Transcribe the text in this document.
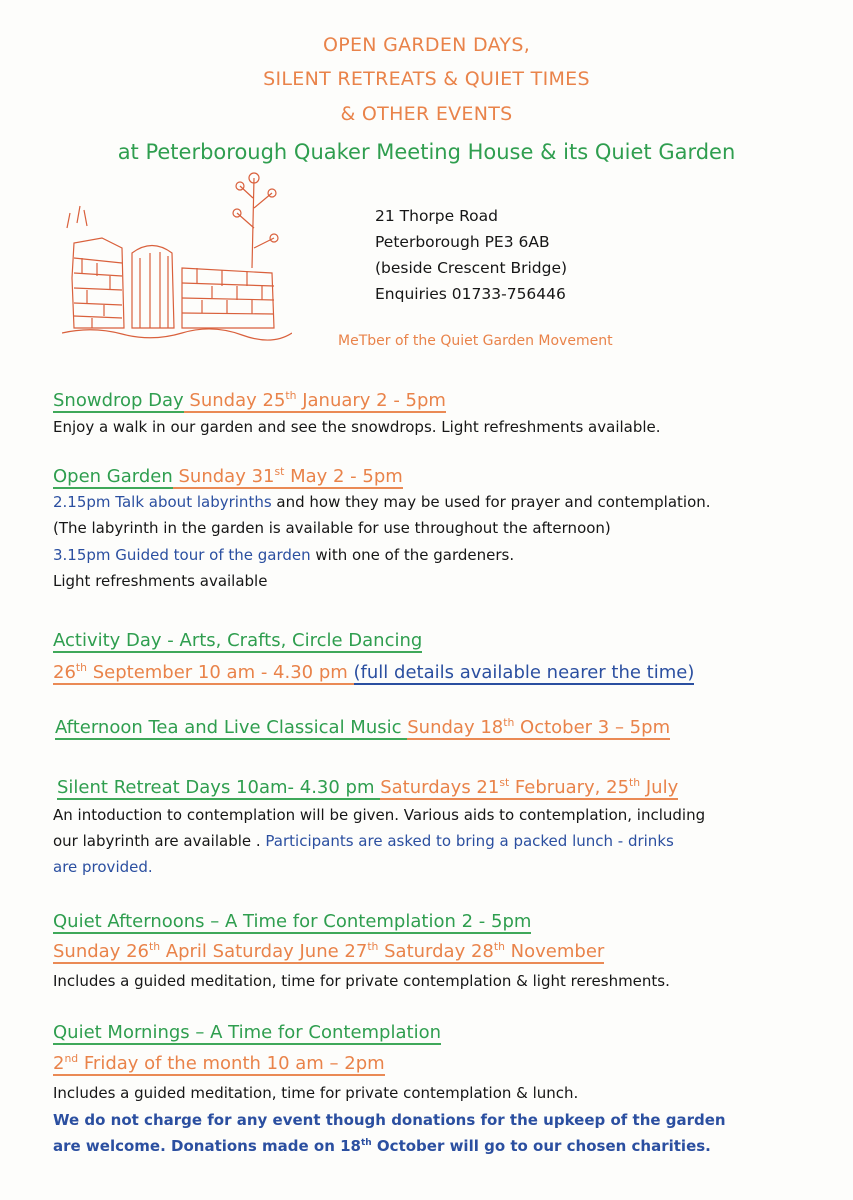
OPEN GARDEN DAYS,
SILENT RETREATS & QUIET TIMES
& OTHER EVENTS
at Peterborough Quaker Meeting House & its Quiet Garden
21 Thorpe Road
Peterborough PE3 6AB
(beside Crescent Bridge)
Enquiries 01733-756446
MeTber of the Quiet Garden Movement
Snowdrop Day Sunday 25th January 2 - 5pm
Enjoy a walk in our garden and see the snowdrops. Light refreshments available.
Open Garden Sunday 31st May 2 - 5pm
2.15pm Talk about labyrinths and how they may be used for prayer and contemplation.
(The labyrinth in the garden is available for use throughout the afternoon)
3.15pm Guided tour of the garden with one of the gardeners.
Light refreshments available
Activity Day - Arts, Crafts, Circle Dancing
26th September 10 am - 4.30 pm (full details available nearer the time)
Afternoon Tea and Live Classical Music Sunday 18th October 3 – 5pm
Silent Retreat Days 10am- 4.30 pm Saturdays 21st February, 25th July
An intoduction to contemplation will be given. Various aids to contemplation, including
our labyrinth are available . Participants are asked to bring a packed lunch - drinks
are provided.
Quiet Afternoons – A Time for Contemplation 2 - 5pm
Sunday 26th April Saturday June 27th Saturday 28th November
Includes a guided meditation, time for private contemplation & light rereshments.
Quiet Mornings – A Time for Contemplation
2nd Friday of the month 10 am – 2pm
Includes a guided meditation, time for private contemplation & lunch.
We do not charge for any event though donations for the upkeep of the garden
are welcome. Donations made on 18th October will go to our chosen charities.
